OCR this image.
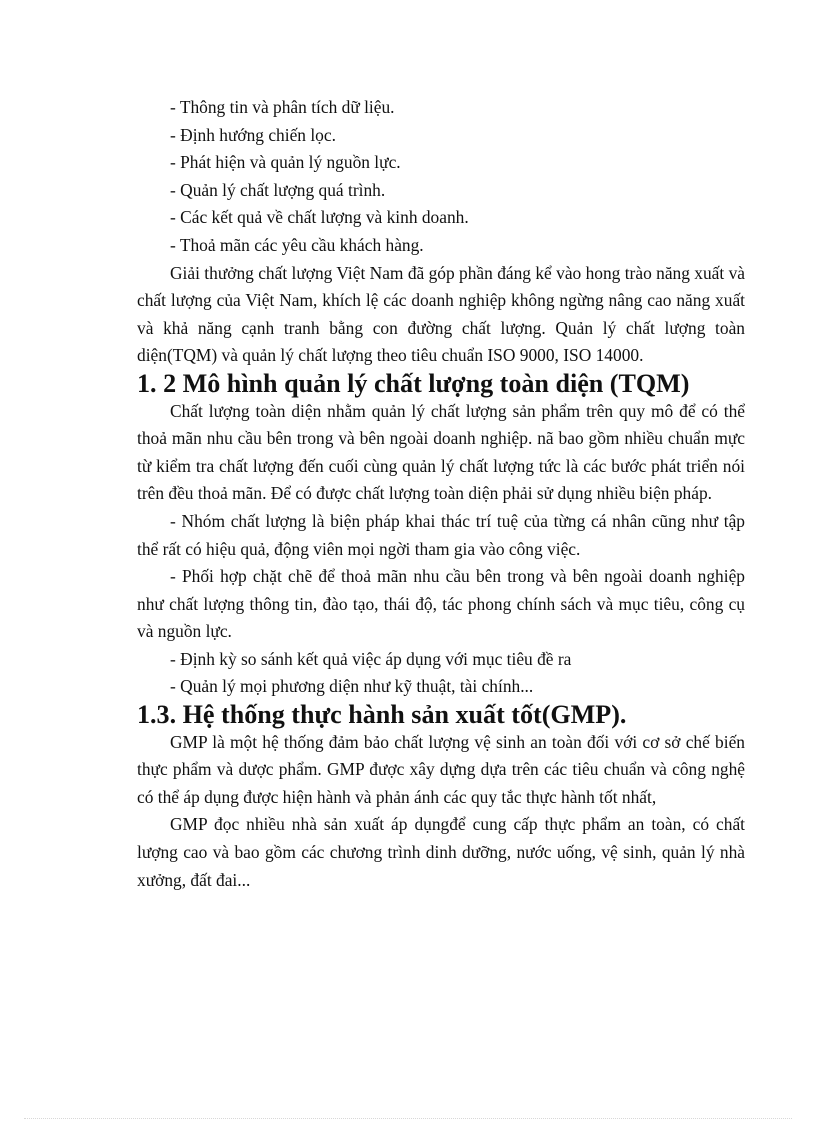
- Thông tin và phân tích dữ liệu.

- Định hướng chiến lọc.

- Phát hiện và quản lý nguồn lực.

- Quản lý chất lượng quá trình.

- Các kết quả về chất lượng và kinh doanh.

- Thoả mãn các yêu cầu khách hàng.

Giải thưởng chất lượng Việt Nam đã góp phần đáng kể vào hong trào năng xuất và chất lượng của Việt Nam, khích lệ các doanh nghiệp không ngừng nâng cao năng xuất và khả năng cạnh tranh bằng con đường chất lượng. Quản lý chất lượng toàn diện(TQM) và quản lý chất lượng theo tiêu chuẩn ISO 9000, ISO 14000.

1. 2 Mô hình quản lý chất lượng toàn diện (TQM)

Chất lượng toàn diện nhằm quản lý chất lượng sản phẩm trên quy mô để có thể thoả mãn nhu cầu bên trong và bên ngoài doanh nghiệp. nã bao gồm nhiều chuẩn mực từ kiểm tra chất lượng đến cuối cùng quản lý chất lượng tức là các bước phát triển nói trên đều thoả mãn. Để có được chất lượng toàn diện phải sử dụng nhiều biện pháp.

- Nhóm chất lượng là biện pháp khai thác trí tuệ của từng cá nhân cũng như tập thể rất có hiệu quả, động viên mọi ngời tham gia vào công việc.

- Phối hợp chặt chẽ để thoả mãn nhu cầu bên trong và bên ngoài doanh nghiệp như chất lượng thông tin, đào tạo, thái độ, tác phong chính sách và mục tiêu, công cụ và nguồn lực.

- Định kỳ so sánh kết quả việc áp dụng với mục tiêu đề ra

- Quản lý mọi phương diện như kỹ thuật, tài chính...

1.3. Hệ thống thực hành sản xuất tốt(GMP).

GMP là một hệ thống đảm bảo chất lượng vệ sinh an toàn đối với cơ sở chế biến thực phẩm và dược phẩm. GMP được xây dựng dựa trên các tiêu chuẩn và công nghệ có thể áp dụng được hiện hành và phản ánh các quy tắc thực hành tốt nhất,

GMP đọc nhiều nhà sản xuất áp dụngđể cung cấp thực phẩm an toàn, có chất lượng cao và bao gồm các chương trình dinh dưỡng, nước uống, vệ sinh, quản lý nhà xưởng, đất đai...
